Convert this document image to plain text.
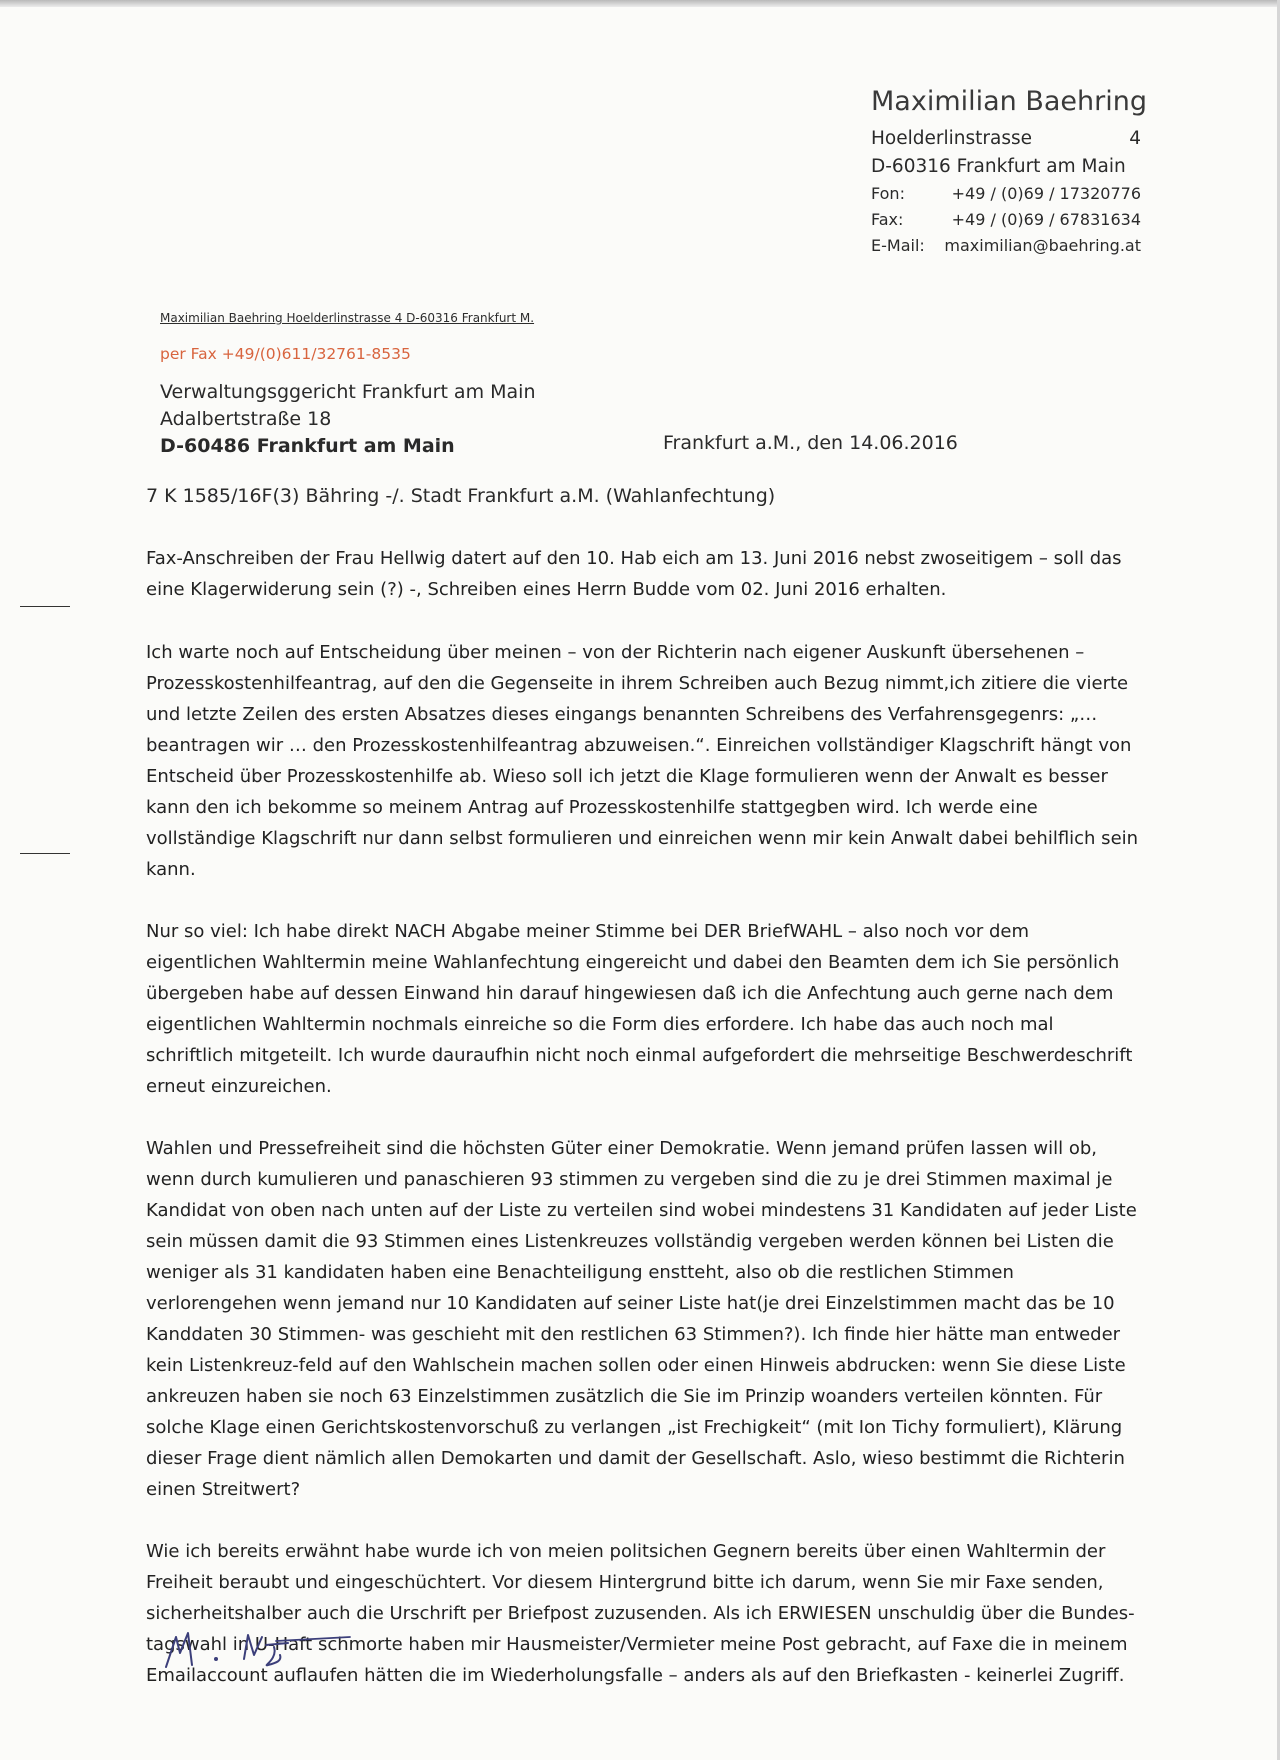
Maximilian Baehring
Hoelderlinstrasse	4
D-60316 Frankfurt am Main
Fon:	+49 / (0)69 / 17320776
Fax:	+49 / (0)69 / 67831634
E-Mail: maximilian@baehring.at
Maximilian Baehring Hoelderlinstrasse 4 D-60316 Frankfurt M.
per Fax +49/(0)611/32761-8535
Verwaltungsggericht Frankfurt am Main
Adalbertstraße 18
D-60486 Frankfurt am Main	Frankfurt a.M., den 14.06.2016
7 K 1585/16F(3) Bähring -/. Stadt Frankfurt a.M. (Wahlanfechtung)

Fax-Anschreiben der Frau Hellwig datert auf den 10. Hab eich am 13. Juni 2016 nebst zwoseitigem – soll das eine Klagerwiderung sein (?) -, Schreiben eines Herrn Budde vom 02. Juni 2016 erhalten.

Ich warte noch auf Entscheidung über meinen – von der Richterin nach eigener Auskunft übersehenen – Prozesskostenhilfeantrag, auf den die Gegenseite in ihrem Schreiben auch Bezug nimmt,ich zitiere die vierte und letzte Zeilen des ersten Absatzes dieses eingangs benannten Schreibens des Verfahrensgegenrs: „… beantragen wir … den Prozesskostenhilfeantrag abzuweisen.“. Einreichen vollständiger Klagschrift hängt von Entscheid über Prozesskostenhilfe ab. Wieso soll ich jetzt die Klage formulieren wenn der Anwalt es besser kann den ich bekomme so meinem Antrag auf Prozesskostenhilfe stattgegben wird. Ich werde eine vollständige Klagschrift nur dann selbst formulieren und einreichen wenn mir kein Anwalt dabei behilflich sein kann.

Nur so viel: Ich habe direkt NACH Abgabe meiner Stimme bei DER BriefWAHL – also noch vor dem eigentlichen Wahltermin meine Wahlanfechtung eingereicht und dabei den Beamten dem ich Sie persönlich übergeben habe auf dessen Einwand hin darauf hingewiesen daß ich die Anfechtung auch gerne nach dem eigentlichen Wahltermin nochmals einreiche so die Form dies erfordere. Ich habe das auch noch mal schriftlich mitgeteilt. Ich wurde dauraufhin nicht noch einmal aufgefordert die mehrseitige Beschwerdeschrift erneut einzureichen.

Wahlen und Pressefreiheit sind die höchsten Güter einer Demokratie. Wenn jemand prüfen lassen will ob, wenn durch kumulieren und panaschieren 93 stimmen zu vergeben sind die zu je drei Stimmen maximal je Kandidat von oben nach unten auf der Liste zu verteilen sind wobei mindestens 31 Kandidaten auf jeder Liste sein müssen damit die 93 Stimmen eines Listenkreuzes vollständig vergeben werden können bei Listen die weniger als 31 kandidaten haben eine Benachteiligung enstteht, also ob die restlichen Stimmen verlorengehen wenn jemand nur 10 Kandidaten auf seiner Liste hat(je drei Einzelstimmen macht das be 10 Kanddaten 30 Stimmen- was geschieht mit den restlichen 63 Stimmen?). Ich finde hier hätte man entweder kein Listenkreuz-feld auf den Wahlschein machen sollen oder einen Hinweis abdrucken: wenn Sie diese Liste ankreuzen haben sie noch 63 Einzelstimmen zusätzlich die Sie im Prinzip woanders verteilen könnten. Für solche Klage einen Gerichtskostenvorschuß zu verlangen „ist Frechigkeit“ (mit Ion Tichy formuliert), Klärung dieser Frage dient nämlich allen Demokarten und damit der Gesellschaft. Aslo, wieso bestimmt die Richterin einen Streitwert?

Wie ich bereits erwähnt habe wurde ich von meien politsichen Gegnern bereits über einen Wahltermin der Freiheit beraubt und eingeschüchtert. Vor diesem Hintergrund bitte ich darum, wenn Sie mir Faxe senden, sicherheitshalber auch die Urschrift per Briefpost zuzusenden. Als ich ERWIESEN unschuldig über die Bundes-tagswahl in U-Haft schmorte haben mir Hausmeister/Vermieter meine Post gebracht, auf Faxe die in meinem Emailaccount auflaufen hätten die im Wiederholungsfalle – anders als auf den Briefkasten - keinerlei Zugriff.
